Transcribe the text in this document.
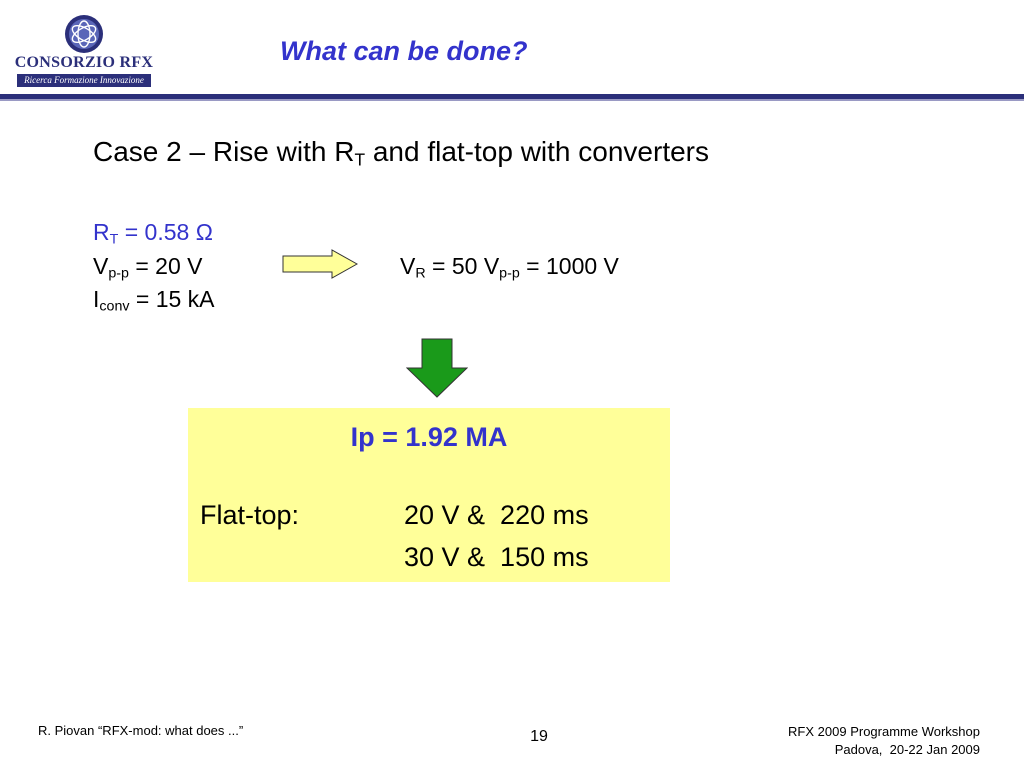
CONSORZIO RFX
Ricerca Formazione Innovazione
What can be done?
Case 2 – Rise with $R_T$ and flat-top with converters
$R_T = 0.58$ Ω
$V_{p-p} = 20$ V
$I_{conv} = 15$ kA
$V_R = 50$ $V_{p-p} = 1000$ V
Ip = 1.92 MA
Flat-top:	20 V &  220 ms
30 V &  150 ms
R. Piovan “RFX-mod: what does ...”	19	RFX 2009 Programme Workshop
Padova,  20-22 Jan 2009
